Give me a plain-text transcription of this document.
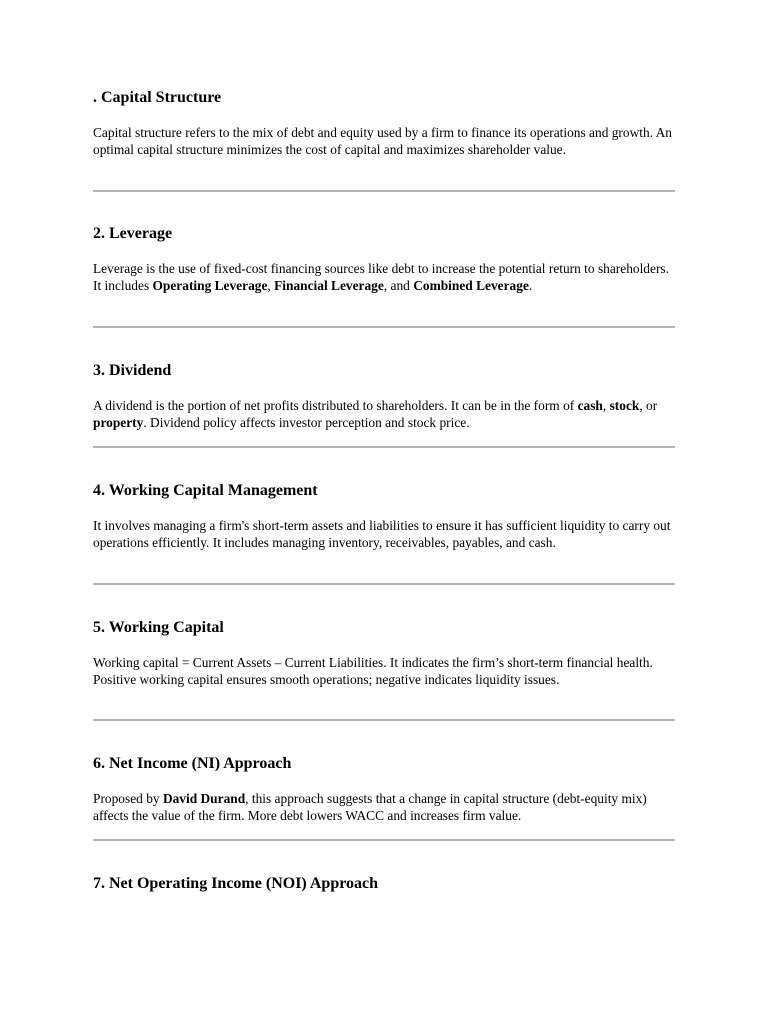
. Capital Structure

Capital structure refers to the mix of debt and equity used by a firm to finance its operations and growth. An optimal capital structure minimizes the cost of capital and maximizes shareholder value.

2. Leverage

Leverage is the use of fixed-cost financing sources like debt to increase the potential return to shareholders. It includes Operating Leverage, Financial Leverage, and Combined Leverage.

3. Dividend

A dividend is the portion of net profits distributed to shareholders. It can be in the form of cash, stock, or property. Dividend policy affects investor perception and stock price.

4. Working Capital Management

It involves managing a firm's short-term assets and liabilities to ensure it has sufficient liquidity to carry out operations efficiently. It includes managing inventory, receivables, payables, and cash.

5. Working Capital

Working capital = Current Assets – Current Liabilities. It indicates the firm’s short-term financial health. Positive working capital ensures smooth operations; negative indicates liquidity issues.

6. Net Income (NI) Approach

Proposed by David Durand, this approach suggests that a change in capital structure (debt-equity mix) affects the value of the firm. More debt lowers WACC and increases firm value.

7. Net Operating Income (NOI) Approach
